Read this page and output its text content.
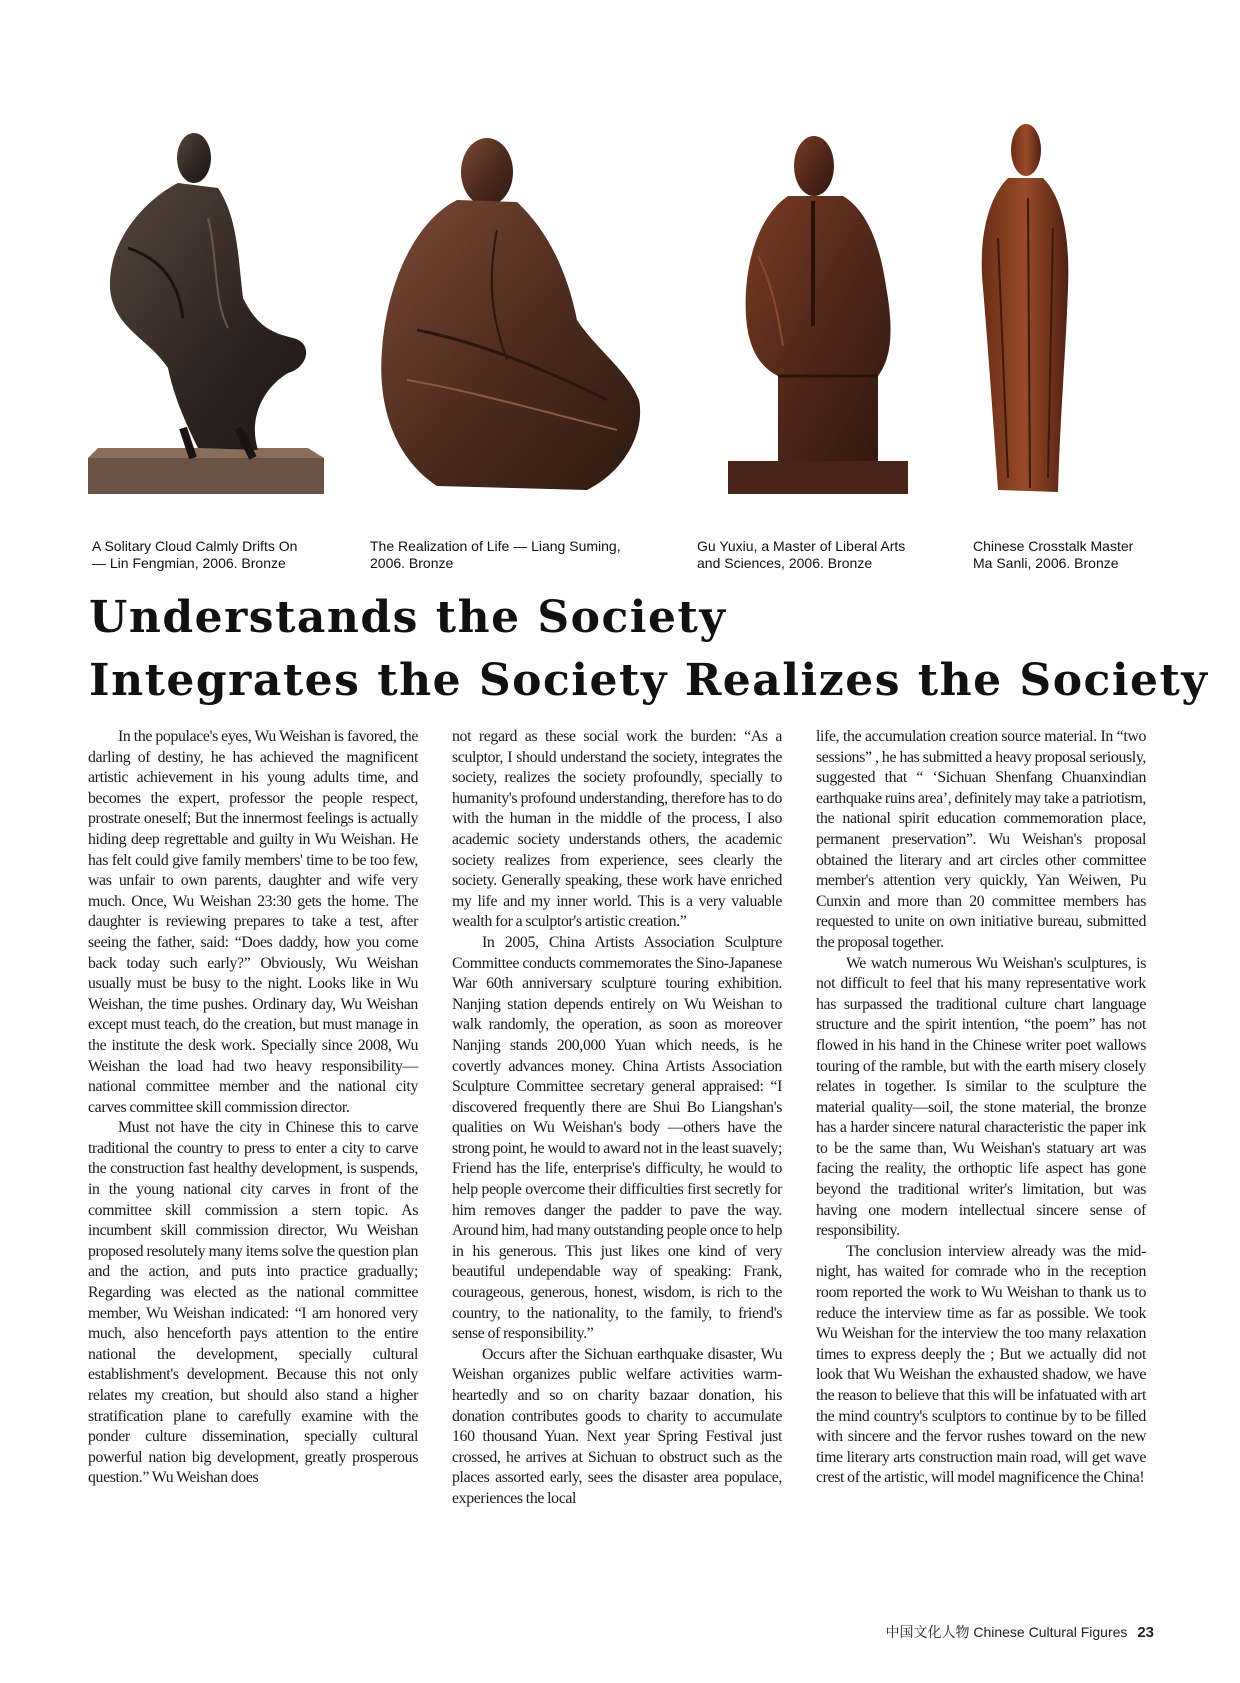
A Solitary Cloud Calmly Drifts On
— Lin Fengmian, 2006. Bronze
The Realization of Life — Liang Suming,
2006. Bronze
Gu Yuxiu, a Master of Liberal Arts
and Sciences, 2006. Bronze
Chinese Crosstalk Master
Ma Sanli, 2006. Bronze
Understands the Society
Integrates the Society Realizes the Society

In the populace's eyes, Wu Weishan is favored, the darling of destiny, he has achieved the magnificent artistic achievement in his young adults time, and becomes the expert, professor the people respect, prostrate oneself; But the innermost feelings is actually hiding deep regrettable and guilty in Wu Weishan. He has felt could give family members' time to be too few, was unfair to own parents, daughter and wife very much. Once, Wu Weishan 23:30 gets the home. The daughter is reviewing prepares to take a test, after seeing the father, said: “Does daddy, how you come back today such early?” Obviously, Wu Weishan usually must be busy to the night. Looks like in Wu Weishan, the time pushes. Ordinary day, Wu Weishan except must teach, do the creation, but must manage in the institute the desk work. Specially since 2008, Wu Weishan the load had two heavy responsibility—national committee member and the national city carves committee skill commission director.

Must not have the city in Chinese this to carve traditional the country to press to enter a city to carve the construction fast healthy development, is suspends, in the young national city carves in front of the committee skill commission a stern topic. As incumbent skill commission director, Wu Weishan proposed resolutely many items solve the question plan and the action, and puts into practice gradually; Regarding was elected as the national committee member, Wu Weishan indicated: “I am honored very much, also henceforth pays attention to the entire national the development, specially cultural establishment's development. Because this not only relates my creation, but should also stand a higher stratification plane to carefully examine with the ponder culture dissemination, specially cultural powerful nation big development, greatly prosperous question.” Wu Weishan does

not regard as these social work the burden: “As a sculptor, I should understand the society, integrates the society, realizes the society profoundly, specially to humanity's profound understanding, therefore has to do with the human in the middle of the process, I also academic society understands others, the academic society realizes from experience, sees clearly the society. Generally speaking, these work have enriched my life and my inner world. This is a very valuable wealth for a sculptor's artistic creation.”

In 2005, China Artists Association Sculpture Committee conducts commemorates the Sino-Japanese War 60th anniversary sculpture touring exhibition. Nanjing station depends entirely on Wu Weishan to walk randomly, the operation, as soon as moreover Nanjing stands 200,000 Yuan which needs, is he covertly advances money. China Artists Association Sculpture Committee secretary general appraised: “I discovered frequently there are Shui Bo Liangshan's qualities on Wu Weishan's body —others have the strong point, he would to award not in the least suavely; Friend has the life, enterprise's difficulty, he would to help people overcome their difficulties first secretly for him removes danger the padder to pave the way. Around him, had many outstanding people once to help in his generous. This just likes one kind of very beautiful undependable way of speaking: Frank, courageous, generous, honest, wisdom, is rich to the country, to the nationality, to the family, to friend's sense of responsibility.”

Occurs after the Sichuan earthquake disaster, Wu Weishan organizes public welfare activities warm-heartedly and so on charity bazaar donation, his donation contributes goods to charity to accumulate 160 thousand Yuan. Next year Spring Festival just crossed, he arrives at Sichuan to obstruct such as the places assorted early, sees the disaster area populace, experiences the local

life, the accumulation creation source material. In “two sessions” , he has submitted a heavy proposal seriously, suggested that “ ‘Sichuan Shenfang Chuanxindian earthquake ruins area’, definitely may take a patriotism, the national spirit education commemoration place, permanent preservation”. Wu Weishan's proposal obtained the literary and art circles other committee member's attention very quickly, Yan Weiwen, Pu Cunxin and more than 20 committee members has requested to unite on own initiative bureau, submitted the proposal together.

We watch numerous Wu Weishan's sculptures, is not difficult to feel that his many representative work has surpassed the traditional culture chart language structure and the spirit intention, “the poem” has not flowed in his hand in the Chinese writer poet wallows touring of the ramble, but with the earth misery closely relates in together. Is similar to the sculpture the material quality—soil, the stone material, the bronze has a harder sincere natural characteristic the paper ink to be the same than, Wu Weishan's statuary art was facing the reality, the orthoptic life aspect has gone beyond the traditional writer's limitation, but was having one modern intellectual sincere sense of responsibility.

The conclusion interview already was the mid-night, has waited for comrade who in the reception room reported the work to Wu Weishan to thank us to reduce the interview time as far as possible. We took Wu Weishan for the interview the too many relaxation times to express deeply the ; But we actually did not look that Wu Weishan the exhausted shadow, we have the reason to believe that this will be infatuated with art the mind country's sculptors to continue by to be filled with sincere and the fervor rushes toward on the new time literary arts construction main road, will get wave crest of the artistic, will model magnificence the China!

中国文化人物 Chinese Cultural Figures 23
